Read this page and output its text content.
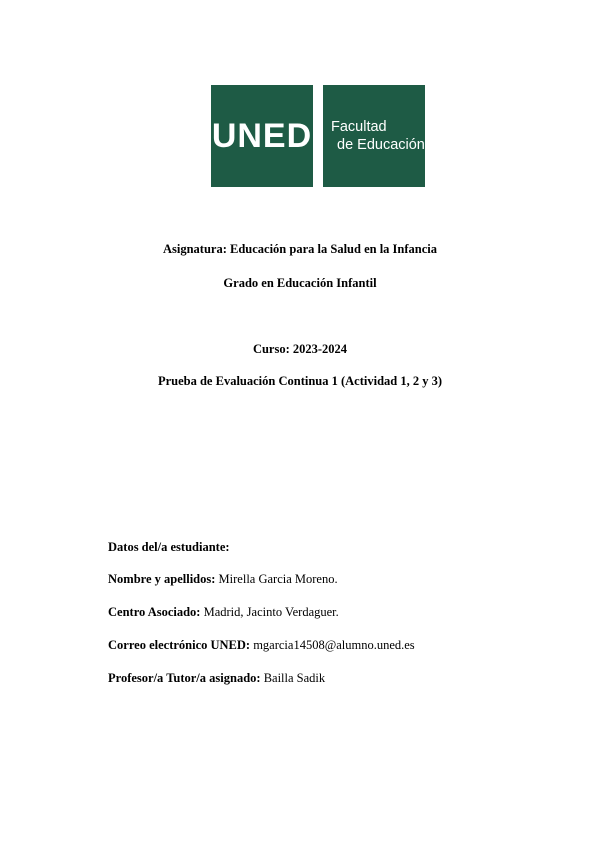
UNED Facultad
de Educación
Asignatura: Educación para la Salud en la Infancia
Grado en Educación Infantil
Curso: 2023-2024
Prueba de Evaluación Continua 1 (Actividad 1, 2 y 3)
Datos del/a estudiante:
Nombre y apellidos: Mirella Garcia Moreno.
Centro Asociado: Madrid, Jacinto Verdaguer.
Correo electrónico UNED: mgarcia14508@alumno.uned.es
Profesor/a Tutor/a asignado: Bailla Sadik
